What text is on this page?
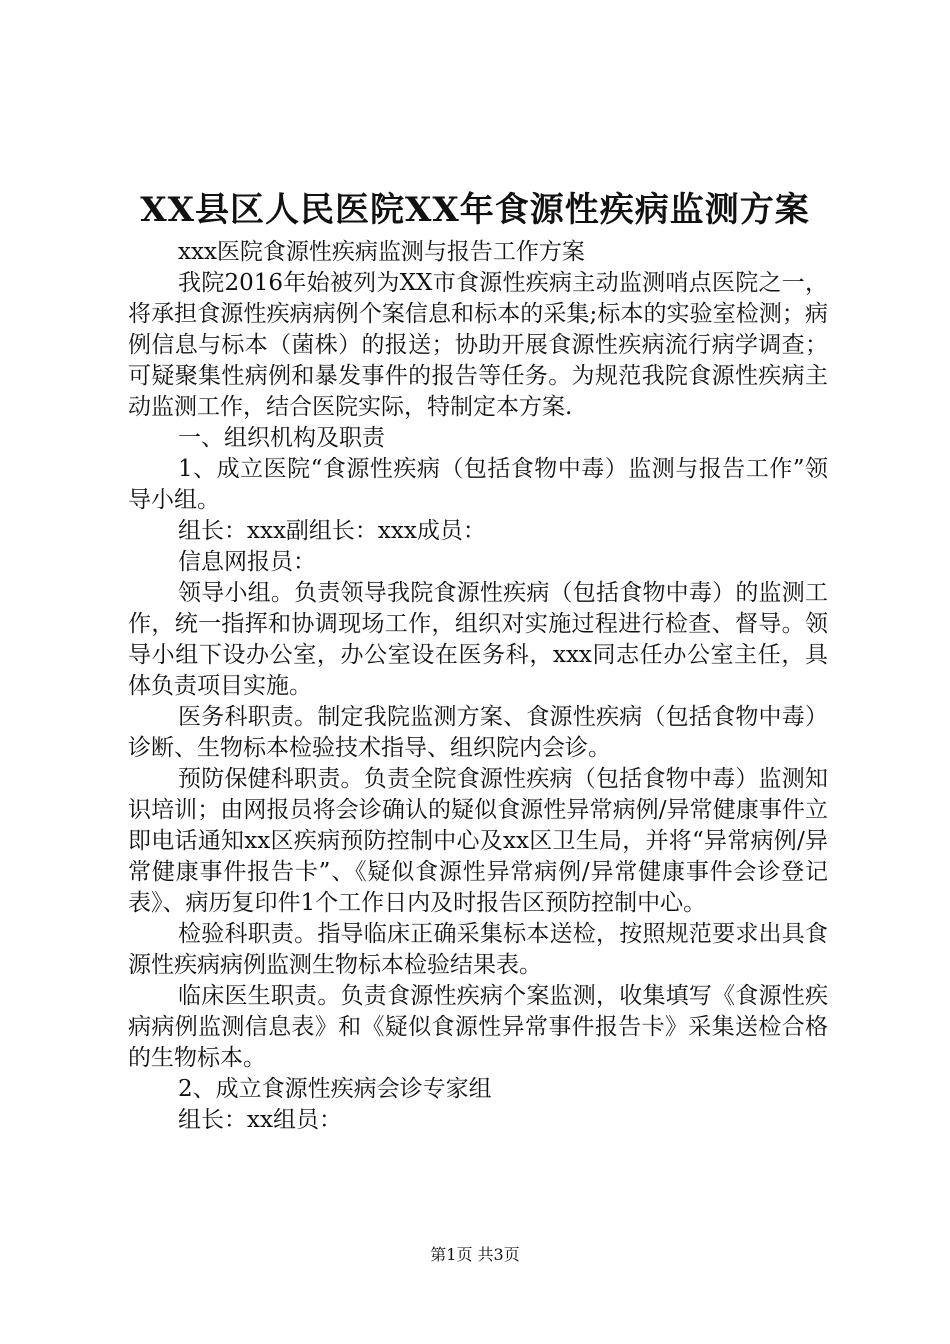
XX县区人民医院XX年食源性疾病监测方案

xxx医院食源性疾病监测与报告工作方案

我院2016年始被列为XX市食源性疾病主动监测哨点医院之一，将承担食源性疾病病例个案信息和标本的采集;标本的实验室检测；病例信息与标本（菌株）的报送；协助开展食源性疾病流行病学调查；可疑聚集性病例和暴发事件的报告等任务。为规范我院食源性疾病主动监测工作，结合医院实际，特制定本方案.

一、组织机构及职责

1、成立医院“食源性疾病（包括食物中毒）监测与报告工作”领导小组。

组长：xxx副组长：xxx成员：

信息网报员：

领导小组。负责领导我院食源性疾病（包括食物中毒）的监测工作，统一指挥和协调现场工作，组织对实施过程进行检查、督导。领导小组下设办公室，办公室设在医务科，xxx同志任办公室主任，具体负责项目实施。

医务科职责。制定我院监测方案、食源性疾病（包括食物中毒）诊断、生物标本检验技术指导、组织院内会诊。

预防保健科职责。负责全院食源性疾病（包括食物中毒）监测知识培训；由网报员将会诊确认的疑似食源性异常病例/异常健康事件立即电话通知xx区疾病预防控制中心及xx区卫生局，并将“异常病例/异常健康事件报告卡”、《疑似食源性异常病例/异常健康事件会诊登记表》、病历复印件1个工作日内及时报告区预防控制中心。

检验科职责。指导临床正确采集标本送检，按照规范要求出具食源性疾病病例监测生物标本检验结果表。

临床医生职责。负责食源性疾病个案监测，收集填写《食源性疾病病例监测信息表》和《疑似食源性异常事件报告卡》采集送检合格的生物标本。

2、成立食源性疾病会诊专家组

组长：xx组员：

第1页 共3页
